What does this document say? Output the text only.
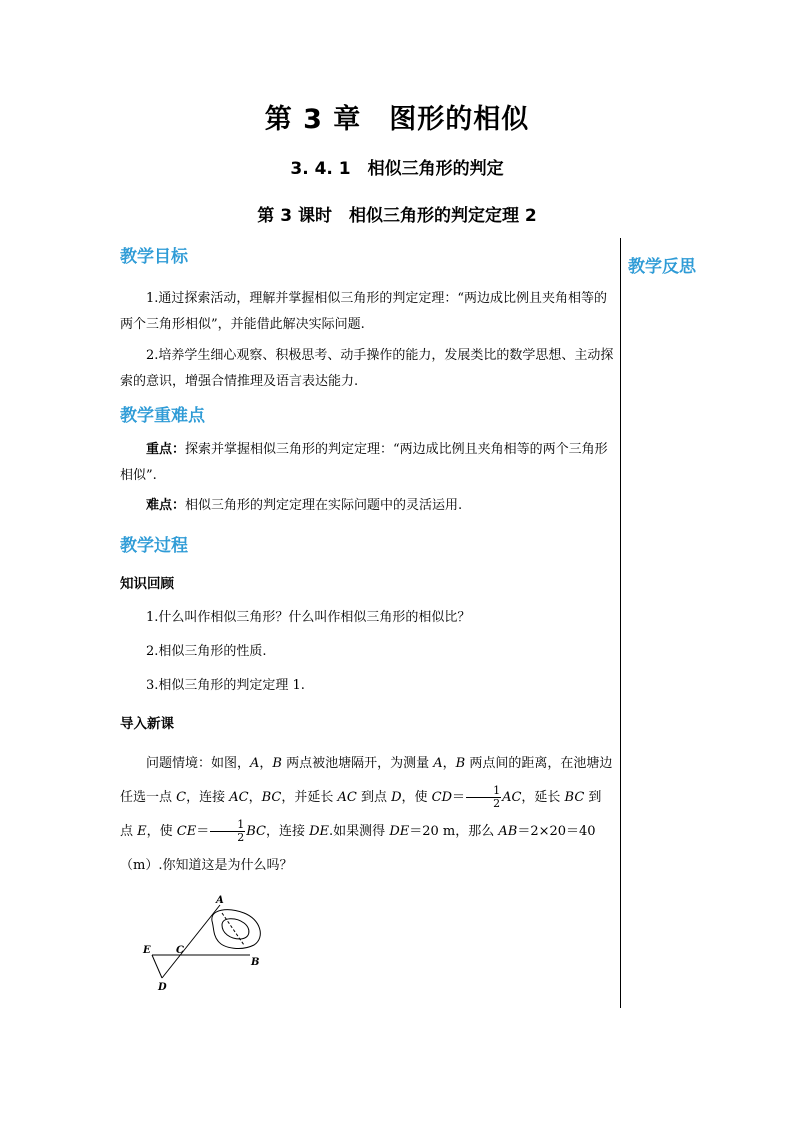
第 3 章　图形的相似
3. 4. 1　相似三角形的判定
第 3 课时　相似三角形的判定定理 2
教学反思
教学目标

1.通过探索活动，理解并掌握相似三角形的判定定理：“两边成比例且夹角相等的两个三角形相似”，并能借此解决实际问题.

2.培养学生细心观察、积极思考、动手操作的能力，发展类比的数学思想、主动探索的意识，增强合情推理及语言表达能力.

教学重难点

重点：探索并掌握相似三角形的判定定理：“两边成比例且夹角相等的两个三角形相似”.

难点：相似三角形的判定定理在实际问题中的灵活运用.

教学过程
知识回顾

1.什么叫作相似三角形？什么叫作相似三角形的相似比？

2.相似三角形的性质.

3.相似三角形的判定定理 1.

导入新课

问题情境：如图，A，B 两点被池塘隔开，为测量 A，B 两点间的距离，在池塘边任选一点 C，连接 AC，BC，并延长 AC 到点 D，使 $CD= \frac{1}{2}$ AC，延长 BC 到点 E，使 $CE= \frac{1}{2}$ BC，连接 DE.如果测得 DE＝20 m，那么 AB＝2×20＝40（m）.你知道这是为什么吗？

A
B
C
D
E
